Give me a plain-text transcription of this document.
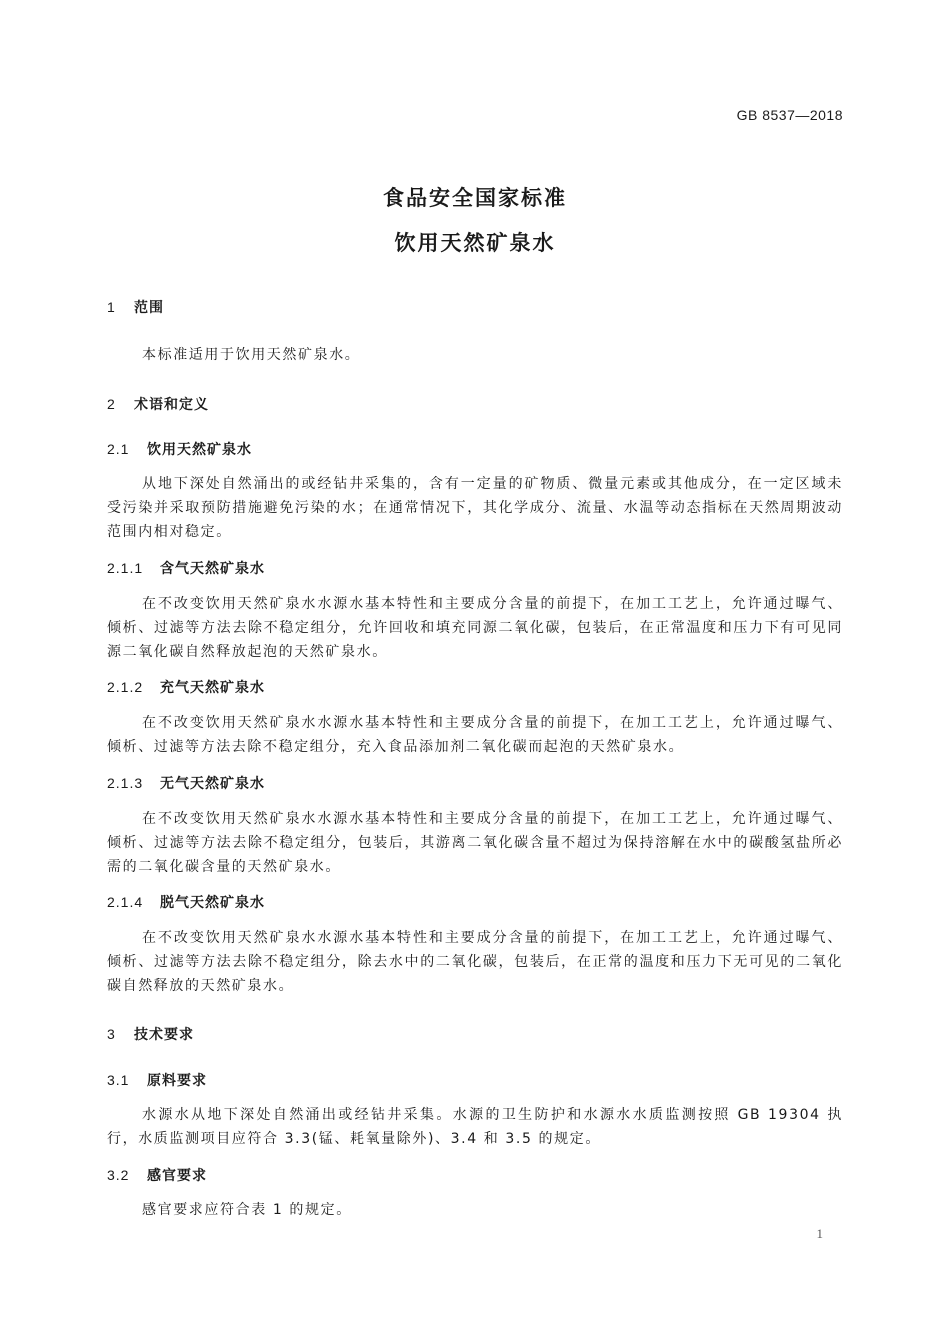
GB 8537—2018
食品安全国家标准
饮用天然矿泉水
1 范围
本标准适用于饮用天然矿泉水。
2 术语和定义
2.1 饮用天然矿泉水
从地下深处自然涌出的或经钻井采集的，含有一定量的矿物质、微量元素或其他成分，在一定区域未受污染并采取预防措施避免污染的水；在通常情况下，其化学成分、流量、水温等动态指标在天然周期波动范围内相对稳定。
2.1.1 含气天然矿泉水
在不改变饮用天然矿泉水水源水基本特性和主要成分含量的前提下，在加工工艺上，允许通过曝气、倾析、过滤等方法去除不稳定组分，允许回收和填充同源二氧化碳，包装后，在正常温度和压力下有可见同源二氧化碳自然释放起泡的天然矿泉水。
2.1.2 充气天然矿泉水
在不改变饮用天然矿泉水水源水基本特性和主要成分含量的前提下，在加工工艺上，允许通过曝气、倾析、过滤等方法去除不稳定组分，充入食品添加剂二氧化碳而起泡的天然矿泉水。
2.1.3 无气天然矿泉水
在不改变饮用天然矿泉水水源水基本特性和主要成分含量的前提下，在加工工艺上，允许通过曝气、倾析、过滤等方法去除不稳定组分，包装后，其游离二氧化碳含量不超过为保持溶解在水中的碳酸氢盐所必需的二氧化碳含量的天然矿泉水。
2.1.4 脱气天然矿泉水
在不改变饮用天然矿泉水水源水基本特性和主要成分含量的前提下，在加工工艺上，允许通过曝气、倾析、过滤等方法去除不稳定组分，除去水中的二氧化碳，包装后，在正常的温度和压力下无可见的二氧化碳自然释放的天然矿泉水。
3 技术要求
3.1 原料要求
水源水从地下深处自然涌出或经钻井采集。水源的卫生防护和水源水水质监测按照 GB 19304 执行，水质监测项目应符合 3.3(锰、耗氧量除外)、3.4 和 3.5 的规定。
3.2 感官要求
感官要求应符合表 1 的规定。
1
